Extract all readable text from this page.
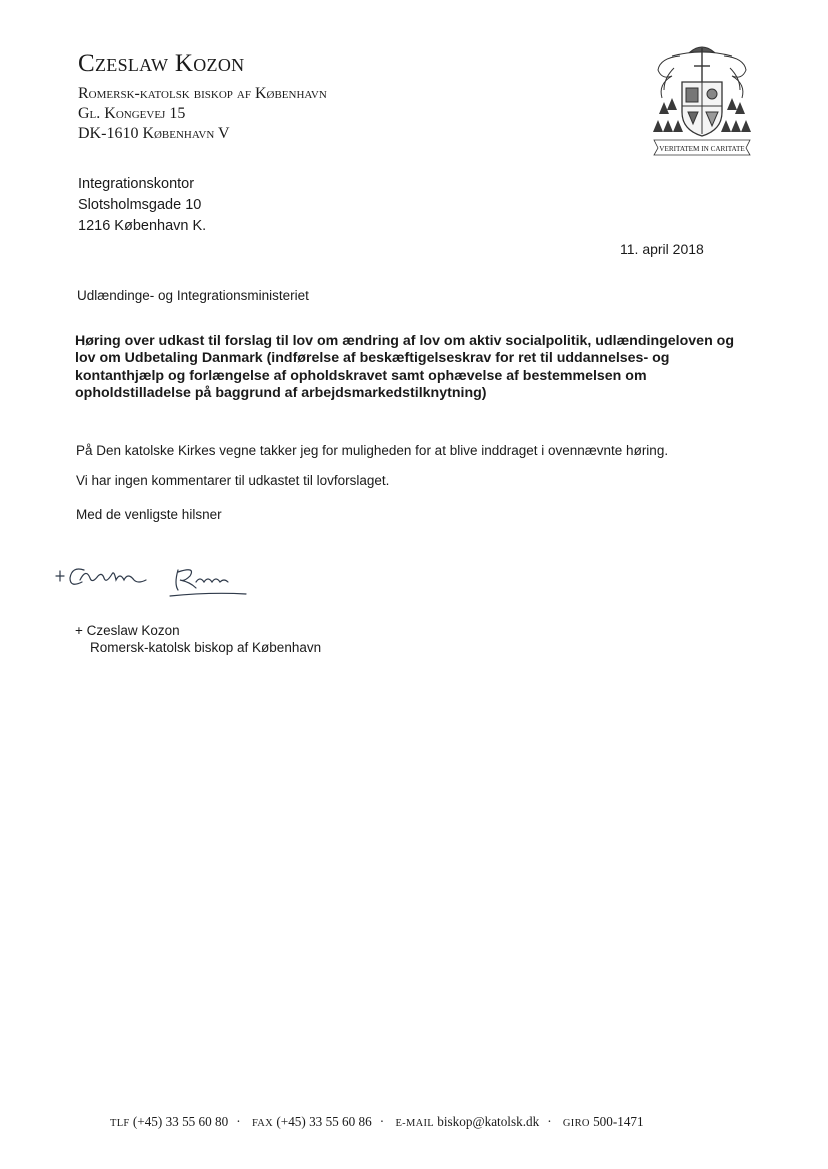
Czeslaw Kozon
Romersk-katolsk biskop af København
Gl. Kongevej 15
DK-1610 København V
VERITATEM IN CARITATE
Integrationskontor
Slotsholmsgade 10
1216 København K.
11. april 2018
Udlændinge- og Integrationsministeriet
Høring over udkast til forslag til lov om ændring af lov om aktiv socialpolitik, udlændingeloven og lov om Udbetaling Danmark (indførelse af beskæftigelseskrav for ret til uddannelses- og kontanthjælp og forlængelse af opholdskravet samt ophævelse af bestemmelsen om opholdstilladelse på baggrund af arbejdsmarkedstilknytning)
På Den katolske Kirkes vegne takker jeg for muligheden for at blive inddraget i ovennævnte høring.
Vi har ingen kommentarer til udkastet til lovforslaget.
Med de venligste hilsner
+ Czeslaw Kozon
Romersk-katolsk biskop af København
TLF (+45) 33 55 60 80 · FAX (+45) 33 55 60 86 · E-MAIL biskop@katolsk.dk · GIRO 500-1471
